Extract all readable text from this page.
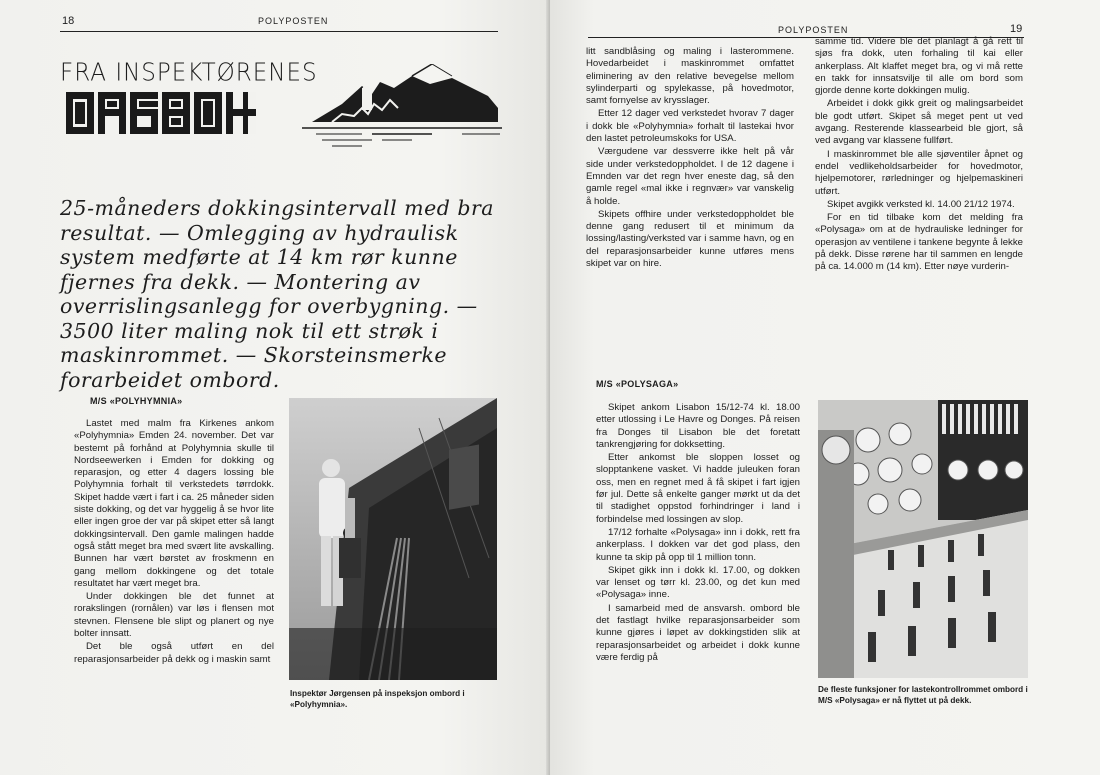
18	POLYPOSTEN
FRA INSPEKTØRENES
25-måneders dokkingsintervall med bra resultat. — Omlegging av hydraulisk system medførte at 14 km rør kunne fjernes fra dekk. — Montering av overrislingsanlegg for overbygning. — 3500 liter maling nok til ett strøk i maskinrommet. — Skorsteinsmerke forarbeidet ombord.
M/S «POLYHYMNIA»

Lastet med malm fra Kirkenes ankom «Polyhymnia» Emden 24. november. Det var bestemt på forhånd at Polyhymnia skulle til Nordseewerken i Emden for dokking og reparasjon, og etter 4 dagers lossing ble Polyhymnia forhalt til verkstedets tørrdokk. Skipet hadde vært i fart i ca. 25 måneder siden siste dokking, og det var hyggelig å se hvor lite eller ingen groe der var på skipet etter så langt dokkingsintervall. Den gamle malingen hadde også stått meget bra med svært lite avskalling. Bunnen har vært børstet av froskmenn en gang mellom dokkingene og det totale resultatet har vært meget bra.

Under dokkingen ble det funnet at rorakslingen (rornålen) var løs i flensen mot stevnen. Flensene ble slipt og planert og nye bolter innsatt.

Det ble også utført en del reparasjonsarbeider på dekk og i maskin samt

Inspektør Jørgensen på inspeksjon ombord i «Polyhymnia».
POLYPOSTEN	19

litt sandblåsing og maling i lasterommene. Hovedarbeidet i maskinrommet omfattet eliminering av den relative bevegelse mellom sylinderparti og spylekasse, på hovedmotor, samt fornyelse av krysslager.

Etter 12 dager ved verkstedet hvorav 7 dager i dokk ble «Polyhymnia» forhalt til lastekai hvor den lastet petroleumskoks for USA.

Værgudene var dessverre ikke helt på vår side under verkstedoppholdet. I de 12 dagene i Emnden var det regn hver eneste dag, så den gamle regel «mal ikke i regnvær» var vanskelig å holde.

Skipets offhire under verkstedoppholdet ble denne gang redusert til et minimum da lossing/lasting/verksted var i samme havn, og en del reparasjonsarbeider kunne utføres mens skipet var on hire.

samme tid. Videre ble det planlagt å gå rett til sjøs fra dokk, uten forhaling til kai eller ankerplass. Alt klaffet meget bra, og vi må rette en takk for innsatsvilje til alle om bord som gjorde denne korte dokkingen mulig.

Arbeidet i dokk gikk greit og malingsarbeidet ble godt utført. Skipet så meget pent ut ved avgang. Resterende klassearbeid ble gjort, så ved avgang var klassene fullført.

I maskinrommet ble alle sjøventiler åpnet og endel vedlikeholdsarbeider for hovedmotor, hjelpemotorer, rørledninger og hjelpemaskineri utført.

Skipet avgikk verksted kl. 14.00 21/12 1974.

For en tid tilbake kom det melding fra «Polysaga» om at de hydrauliske ledninger for operasjon av ventilene i tankene begynte å lekke på dekk. Disse rørene har til sammen en lengde på ca. 14.000 m (14 km). Etter nøye vurderin-

M/S «POLYSAGA»

Skipet ankom Lisabon 15/12-74 kl. 18.00 etter utlossing i Le Havre og Donges. På reisen fra Donges til Lisabon ble det foretatt tankrengjøring for dokksetting.

Etter ankomst ble sloppen losset og slopptankene vasket. Vi hadde juleuken foran oss, men en regnet med å få skipet i fart igjen før jul. Dette så enkelte ganger mørkt ut da det til stadighet oppstod forhindringer i land i forbindelse med lossingen av slop.

17/12 forhalte «Polysaga» inn i dokk, rett fra ankerplass. I dokken var det god plass, den kunne ta skip på opp til 1 million tonn.

Skipet gikk inn i dokk kl. 17.00, og dokken var lenset og tørr kl. 23.00, og det kun med «Polysaga» inne.

I samarbeid med de ansvarsh. ombord ble det fastlagt hvilke reparasjonsarbeider som kunne gjøres i løpet av dokkingstiden slik at reparasjonsarbeidet og arbeidet i dokk kunne være ferdig på

De fleste funksjoner for lastekontrollrommet ombord i M/S «Polysaga» er nå flyttet ut på dekk.
